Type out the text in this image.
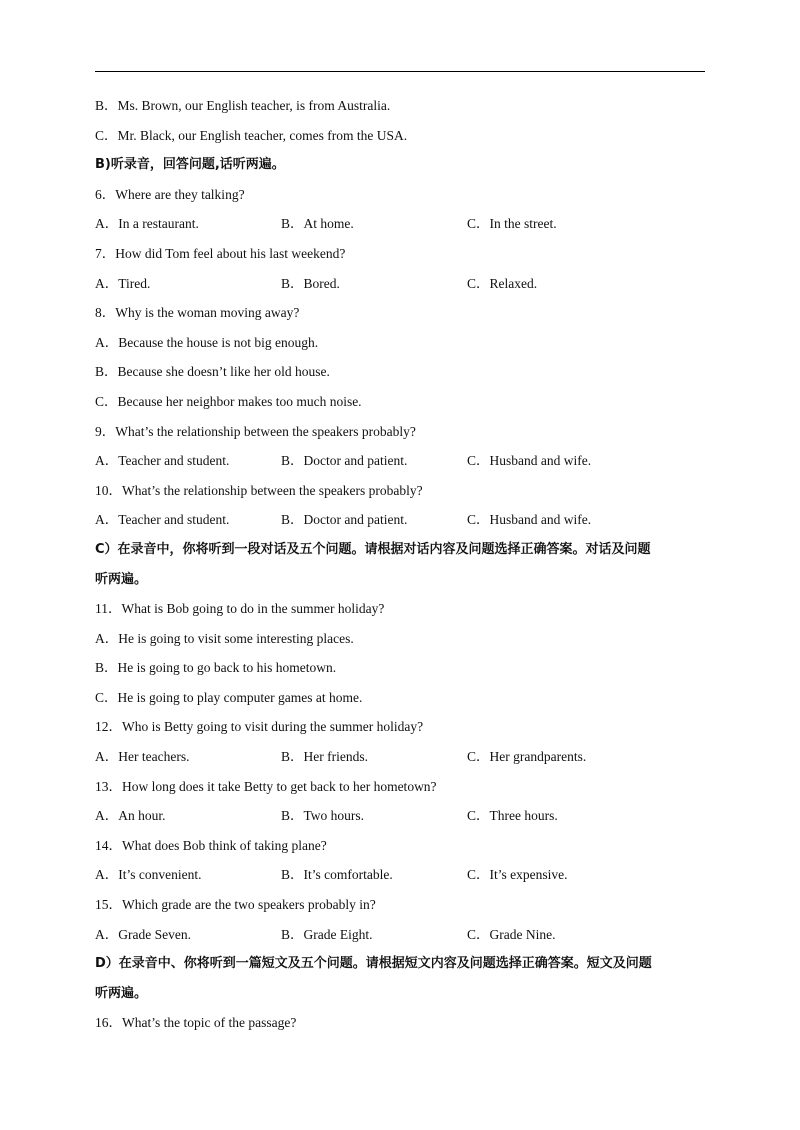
B．Ms. Brown, our English teacher, is from Australia.
C．Mr. Black, our English teacher, comes from the USA.
B)听录音，回答问题,话听两遍。
6．Where are they talking?
A．In a restaurant.	B．At home.	C．In the street.
7．How did Tom feel about his last weekend?
A．Tired.	B．Bored.	C．Relaxed.
8．Why is the woman moving away?
A．Because the house is not big enough.
B．Because she doesn’t like her old house.
C．Because her neighbor makes too much noise.
9．What’s the relationship between the speakers probably?
A．Teacher and student.	B．Doctor and patient.	C．Husband and wife.
10．What’s the relationship between the speakers probably?
A．Teacher and student.	B．Doctor and patient.	C．Husband and wife.
C）在录音中，你将听到一段对话及五个问题。请根据对话内容及问题选择正确答案。对话及问题
听两遍。
11．What is Bob going to do in the summer holiday?
A．He is going to visit some interesting places.
B．He is going to go back to his hometown.
C．He is going to play computer games at home.
12．Who is Betty going to visit during the summer holiday?
A．Her teachers.	B．Her friends.	C．Her grandparents.
13．How long does it take Betty to get back to her hometown?
A．An hour.	B．Two hours.	C．Three hours.
14．What does Bob think of taking plane?
A．It’s convenient.	B．It’s comfortable.	C．It’s expensive.
15．Which grade are the two speakers probably in?
A．Grade Seven.	B．Grade Eight.	C．Grade Nine.
D）在录音中、你将听到一篇短文及五个问题。请根据短文内容及问题选择正确答案。短文及问题
听两遍。
16．What’s the topic of the passage?
